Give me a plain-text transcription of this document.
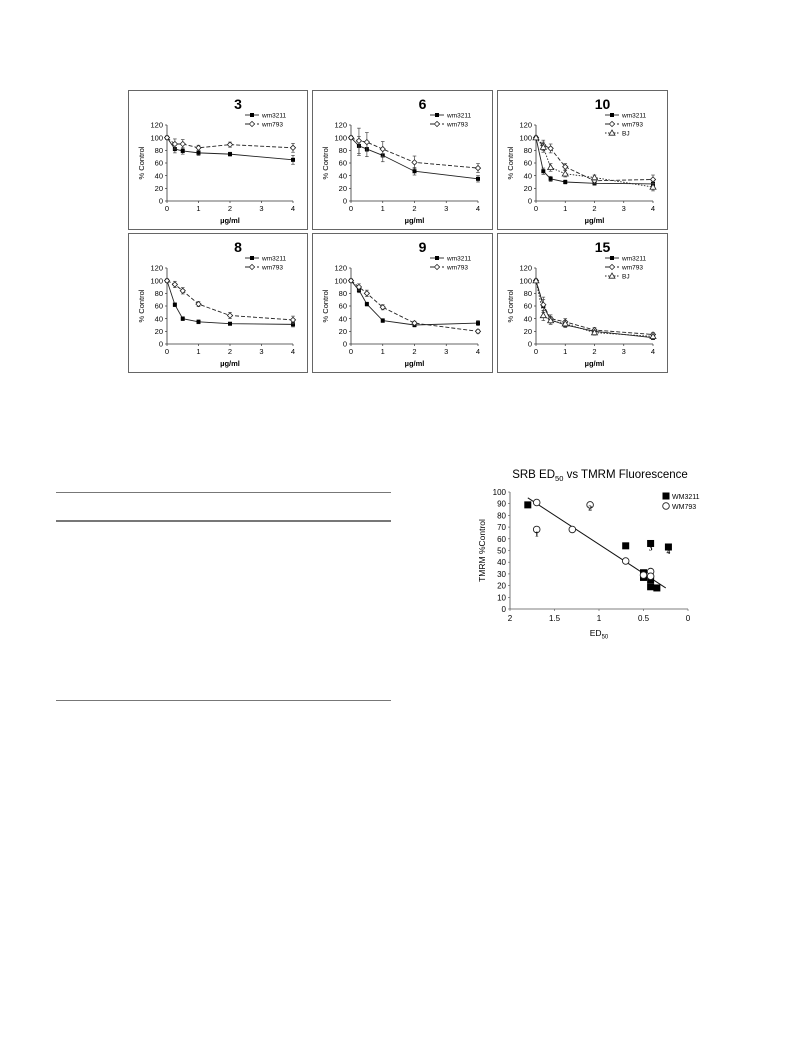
3
0
20
40
60
80
100
120
0	1	2	3	4
µg/ml
% Control
wm3211
wm793
6
0
20
40
60
80
100
120
0	1	2	3	4
µg/ml
% Control
wm3211
wm793
10
0
20
40
60
80
100
120
0	1	2	3	4
µg/ml
% Control
wm3211
wm793
BJ
8
0
20
40
60
80
100
120
0	1	2	3	4
µg/ml
% Control
wm3211
wm793
9
0
20
40
60
80
100
120
0	1	2	3	4
µg/ml
% Control
wm3211
wm793
15
0
20
40
60
80
100
120
0	1	2	3	4
µg/ml
% Control
wm3211
wm793
BJ
SRB $ED_{50}$ vs TMRM Fluorescence
0
10
20
30
40
50
60
70
80
90
100
2	1.5	1	0.5	0
$ED_{50}$
TMRM %Control	1
2
3 4
WM3211
WM793
